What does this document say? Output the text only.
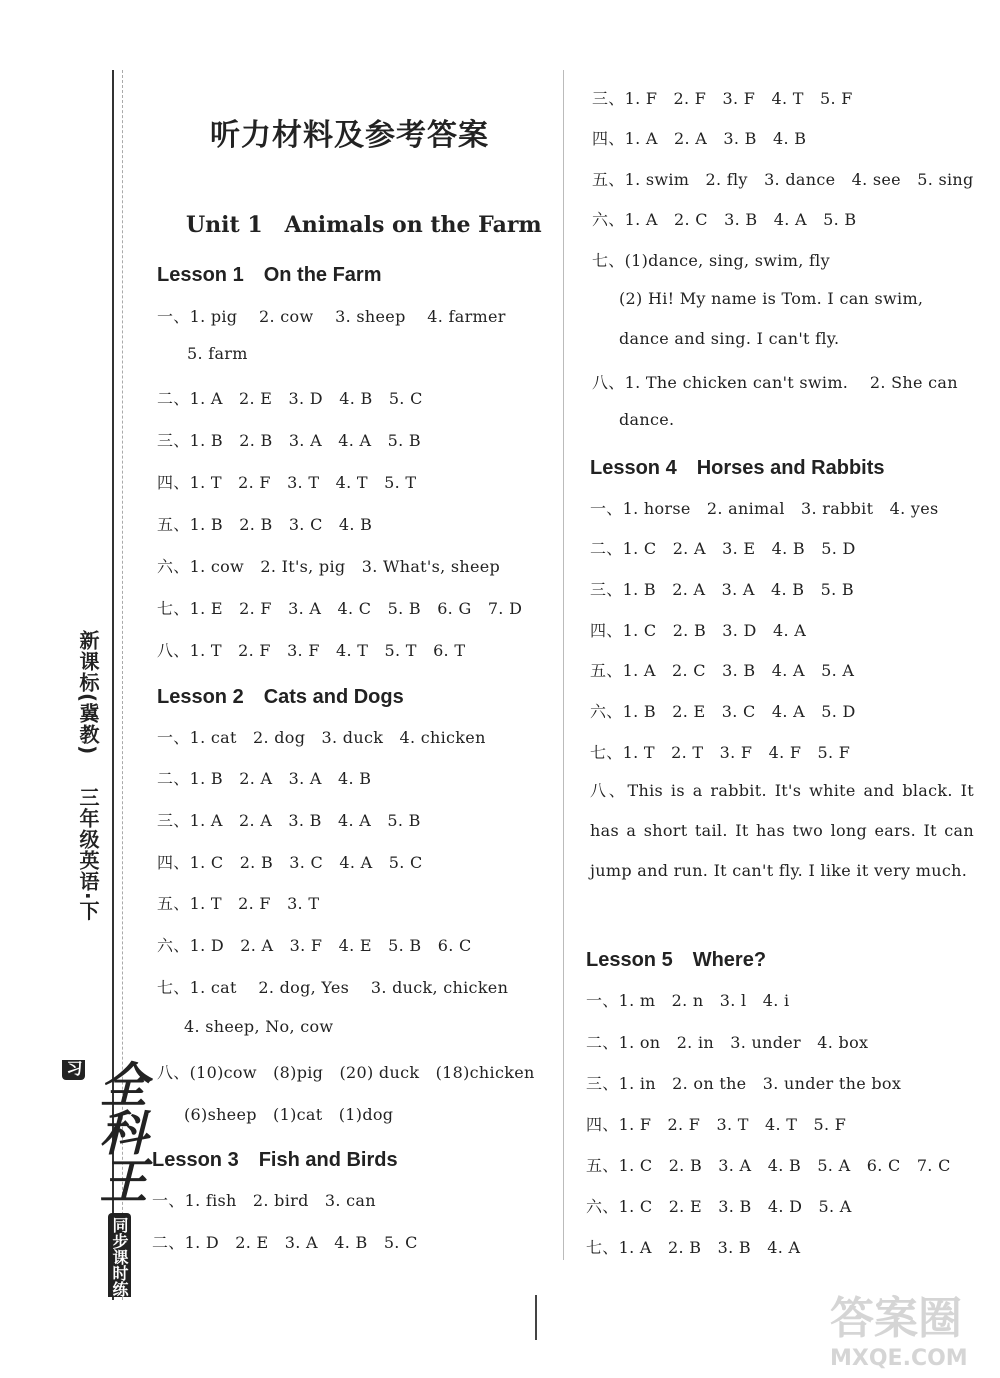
新课标(冀教) 三年级英语·下
全科王 同步课时练习
听力材料及参考答案
Unit 1　Animals on the Farm
Lesson 1　On the Farm
一、1. pig　 2. cow　 3. sheep　 4. farmer
5. farm
二、1. A　2. E　3. D　4. B　5. C
三、1. B　2. B　3. A　4. A　5. B
四、1. T　2. F　3. T　4. T　5. T
五、1. B　2. B　3. C　4. B
六、1. cow　2. It's, pig　3. What's, sheep
七、1. E　2. F　3. A　4. C　5. B　6. G　7. D
八、1. T　2. F　3. F　4. T　5. T　6. T
Lesson 2　Cats and Dogs
一、1. cat　2. dog　3. duck　4. chicken
二、1. B　2. A　3. A　4. B
三、1. A　2. A　3. B　4. A　5. B
四、1. C　2. B　3. C　4. A　5. C
五、1. T　2. F　3. T
六、1. D　2. A　3. F　4. E　5. B　6. C
七、1. cat　 2. dog, Yes　 3. duck, chicken
4. sheep, No, cow
八、(10)cow　(8)pig　(20) duck　(18)chicken
(6)sheep　(1)cat　(1)dog
Lesson 3　Fish and Birds
一、1. fish　2. bird　3. can
二、1. D　2. E　3. A　4. B　5. C
三、1. F　2. F　3. F　4. T　5. F
四、1. A　2. A　3. B　4. B
五、1. swim　2. fly　3. dance　4. see　5. sing
六、1. A　2. C　3. B　4. A　5. B
七、(1)dance, sing, swim, fly
(2) Hi! My name is Tom. I can swim,
dance and sing. I can't fly.
八、1. The chicken can't swim.　 2. She can
dance.
Lesson 4　Horses and Rabbits
一、1. horse　2. animal　3. rabbit　4. yes
二、1. C　2. A　3. E　4. B　5. D
三、1. B　2. A　3. A　4. B　5. B
四、1. C　2. B　3. D　4. A
五、1. A　2. C　3. B　4. A　5. A
六、1. B　2. E　3. C　4. A　5. D
七、1. T　2. T　3. F　4. F　5. F
八、This is a rabbit. It's white and black. It has a short tail. It has two long ears. It can jump and run. It can't fly. I like it very much.
Lesson 5　Where?
一、1. m　2. n　3. l　4. i
二、1. on　2. in　3. under　4. box
三、1. in　2. on the　3. under the box
四、1. F　2. F　3. T　4. T　5. F
五、1. C　2. B　3. A　4. B　5. A　6. C　7. C
六、1. C　2. E　3. B　4. D　5. A
七、1. A　2. B　3. B　4. A
答案圈
MXQE.COM
